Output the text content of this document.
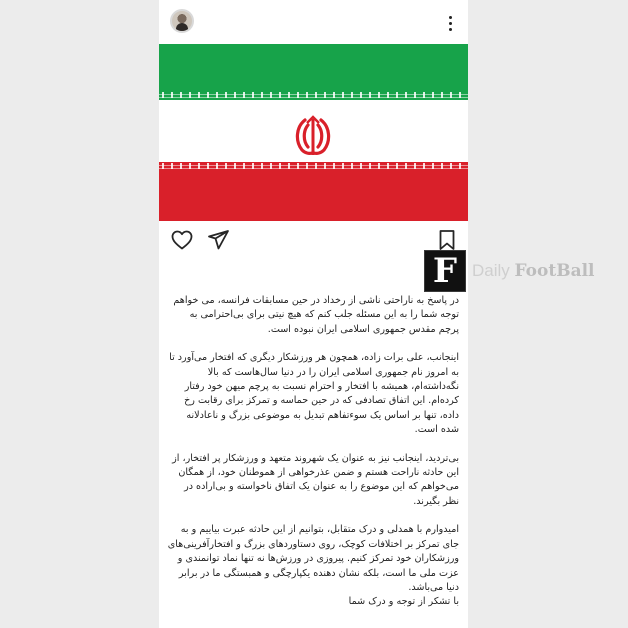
در پاسخ به ناراحتی ناشی از رخداد در حین مسابقات فرانسه، می خواهم توجه شما را به این مسئله جلب کنم که هیچ نیتی برای بی‌احترامی به پرچم مقدس جمهوری اسلامی ایران نبوده است.

اینجانب، علی برات زاده، همچون هر ورزشکار دیگری که افتخار می‌آورد تا به امروز نام جمهوری اسلامی ایران را در دنیا سال‌هاست که بالا نگه‌داشته‌ام، همیشه با افتخار و احترام نسبت به پرچم میهن خود رفتار کرده‌ام. این اتفاق تصادفی که در حین حماسه و تمرکز برای رقابت رخ داده، تنها بر اساس یک سوءتفاهم تبدیل به موضوعی بزرگ و ناعادلانه شده است.

بی‌تردید، اینجانب نیز به عنوان یک شهروند متعهد و ورزشکار پر افتخار، از این حادثه ناراحت هستم و ضمن عذرخواهی از هموطنان خود، از همگان می‌خواهم که این موضوع را به عنوان یک اتفاق ناخواسته و بی‌اراده در نظر بگیرند.

امیدوارم با همدلی و درک متقابل، بتوانیم از این حادثه عبرت بیاییم و به جای تمرکز بر اختلافات کوچک، روی دستاوردهای بزرگ و افتخارآفرینی‌های ورزشکاران خود تمرکز کنیم. پیروزی در ورزش‌ها نه تنها نماد توانمندی و عزت ملی ما است، بلکه نشان دهنده یکپارچگی و همبستگی ما در برابر دنیا می‌باشد.

با تشکر از توجه و درک شما

F Daily FootBall
